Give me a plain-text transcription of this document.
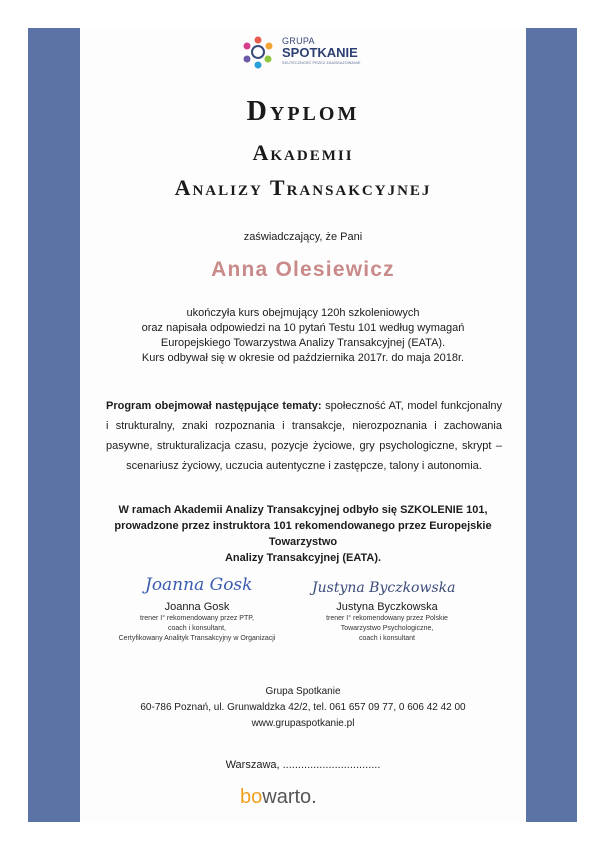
GRUPA
SPOTKANIE
SKUTECZNOŚĆ PRZEZ ZAANGAŻOWANIE
Dyplom
Akademii
Analizy Transakcyjnej
zaświadczający, że Pani
Anna Olesiewicz
ukończyła kurs obejmujący 120h szkoleniowych
oraz napisała odpowiedzi na 10 pytań Testu 101 według wymagań
Europejskiego Towarzystwa Analizy Transakcyjnej (EATA).
Kurs odbywał się w okresie od października 2017r. do maja 2018r.
Program obejmował następujące tematy: społeczność AT, model funkcjonalny i strukturalny, znaki rozpoznania i transakcje, nierozpoznania i zachowania pasywne, strukturalizacja czasu, pozycje życiowe, gry psychologiczne, skrypt – scenariusz życiowy, uczucia autentyczne i zastępcze, talony i autonomia.
W ramach Akademii Analizy Transakcyjnej odbyło się SZKOLENIE 101,
prowadzone przez instruktora 101 rekomendowanego przez Europejskie
Towarzystwo
Analizy Transakcyjnej (EATA).
Joanna Gosk
Joanna Gosk
trener I° rekomendowany przez PTP,
coach i konsultant,
Certyfikowany Analityk Transakcyjny w Organizacji
Justyna Byczkowska
Justyna Byczkowska
trener I° rekomendowany przez Polskie
Towarzystwo Psychologiczne,
coach i konsultant
Grupa Spotkanie
60-786 Poznań, ul. Grunwaldzka 42/2, tel. 061 657 09 77, 0 606 42 42 00
www.grupaspotkanie.pl
Warszawa, ................................
bowarto.
